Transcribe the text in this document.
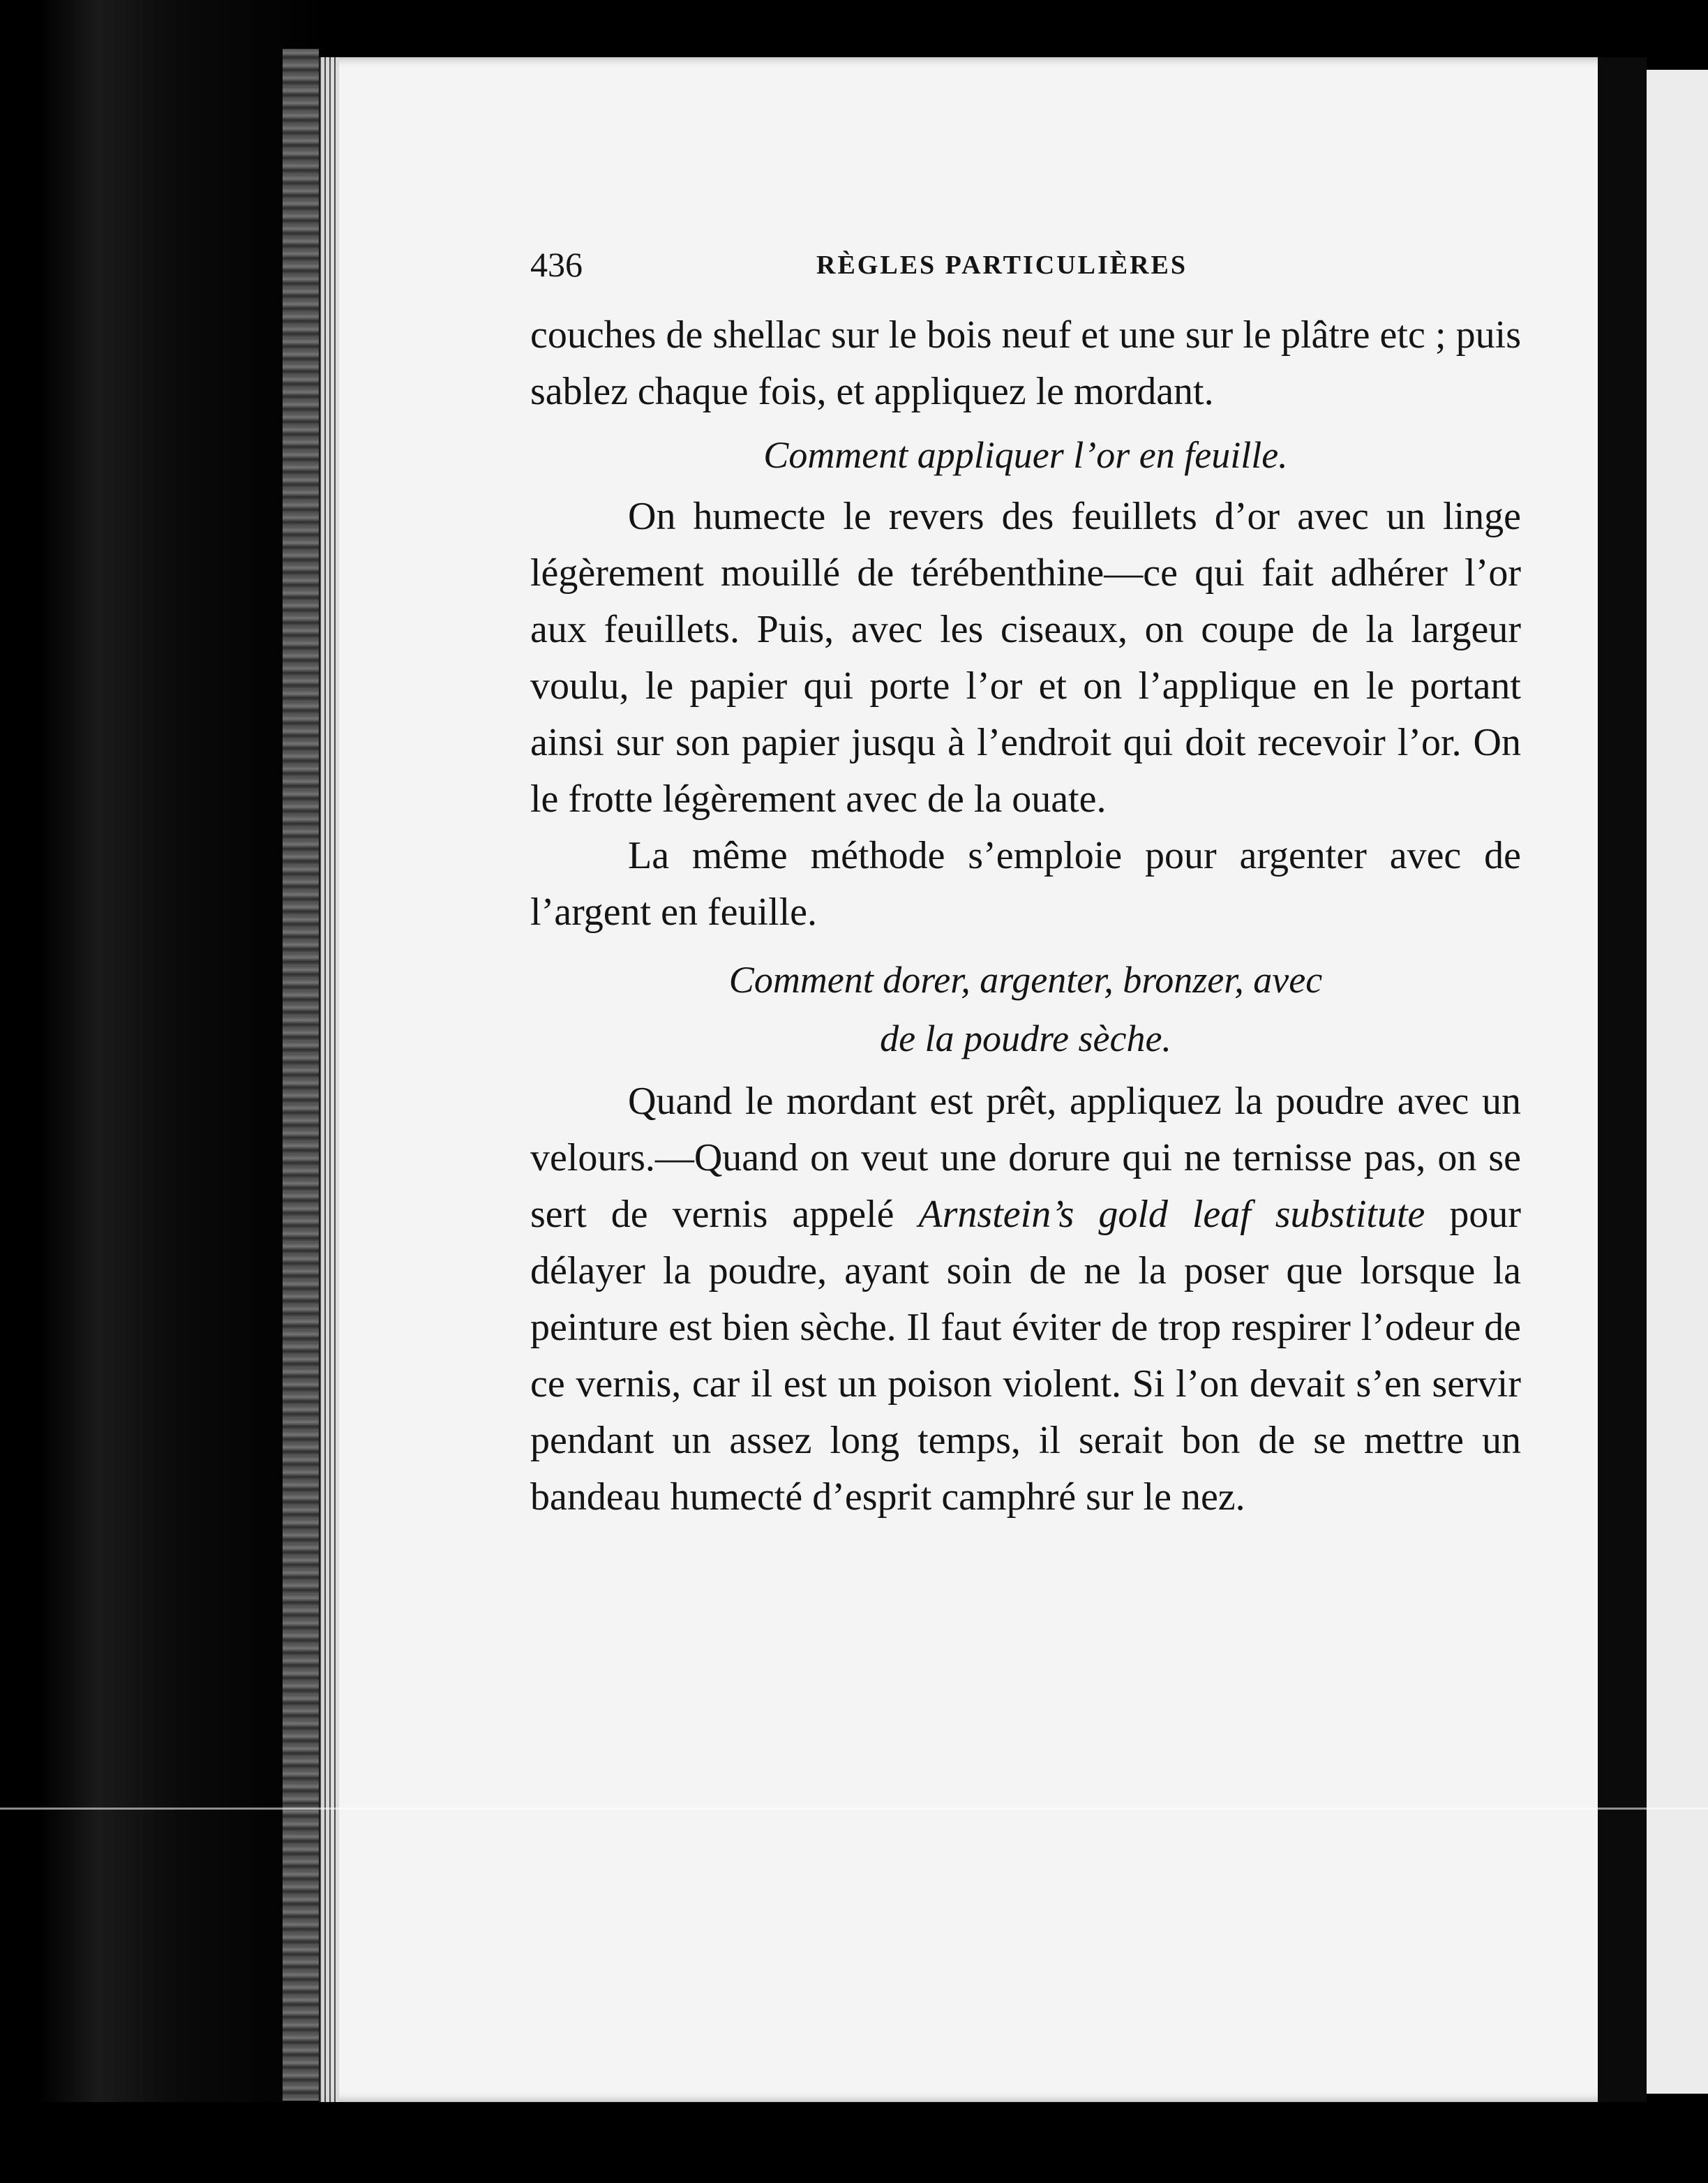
436	RÈGLES PARTICULIÈRES

couches de shellac sur le bois neuf et une sur le plâtre etc ; puis sablez chaque fois, et appliquez le mordant.

Comment appliquer l’or en feuille.

On humecte le revers des feuillets d’or avec un linge légèrement mouillé de térébenthine—ce qui fait adhérer l’or aux feuillets. Puis, avec les ciseaux, on coupe de la largeur voulu, le papier qui porte l’or et on l’applique en le portant ainsi sur son papier jusqu à l’endroit qui doit recevoir l’or. On le frotte légèrement avec de la ouate.

La même méthode s’emploie pour argenter avec de l’argent en feuille.

Comment dorer, argenter, bronzer, avec

de la poudre sèche.

Quand le mordant est prêt, appliquez la poudre avec un velours.—Quand on veut une dorure qui ne ternisse pas, on se sert de vernis appelé Arnstein’s gold leaf substitute pour délayer la poudre, ayant soin de ne la poser que lorsque la peinture est bien sèche. Il faut éviter de trop respirer l’odeur de ce vernis, car il est un poison violent. Si l’on devait s’en servir pendant un assez long temps, il serait bon de se mettre un bandeau humecté d’esprit camphré sur le nez.
